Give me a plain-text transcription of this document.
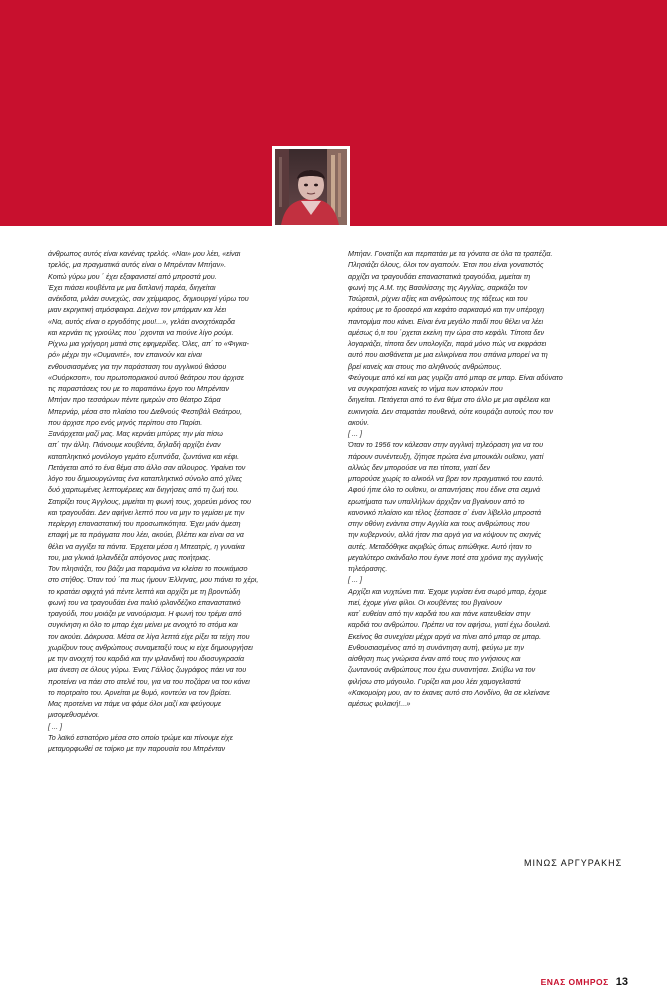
άνθρωπος αυτός είναι κανένας τρελός. «Ναι» μου λέει, «είναι

τρελός, μα πραγματικά αυτός είναι ο Μπρένταν Μπήαν».

Κοιτώ γύρω μου ΄ έχει εξαφανιστεί από μπροστά μου.

Έχει πιάσει κουβέντα με μια διπλανή παρέα, διηγείται

ανέκδοτα, μιλάει συνεχώς, σαν χείμμαρος, δημιουργεί γύρω του

μιαν εκρηκτική ατμόσφαιρα. Δείχνει τον μπάρμαν και λέει

«Να, αυτός είναι ο εργοδότης μου!...», γελάει ανοιχτόκαρδα

και κερνάει τις γριούλες που ΄ρχονται να πιούνε λίγο ρούμι.

Ρίχνω μια γρήγορη ματιά στις εφημερίδες. Όλες, απ΄ το «Φιγκα-

ρό» μέχρι την «Ουμανιτέ», τον επαινούν και είναι

ενθουσιασμένες για την παράσταση του αγγλικού θιάσου

«Ουόρκσοπ», του πρωτοποριακού αυτού θεάτρου που άρχισε

τις παραστάσεις του με το παραπάνω έργο του Μπρένταν

Μπήαν προ τεσσάρων πέντε ημερών στο θέατρο Σάρα

Μπερνάρ, μέσα στο πλαίσιο του Διεθνούς Φεστιβάλ Θεάτρου,

που άρχισε προ ενός μηνός περίπου στο Παρίσι.

Ξανάρχεται μαζί μας. Μας κερνάει μπύρες την μία πίσω

απ΄ την άλλη. Πιάνουμε κουβέντα, δηλαδή αρχίζει έναν

καταπληκτικό μονόλογο γεμάτο εξυπνάδα, ζωντάνια και κέφι.

Πετάγεται από το ένα θέμα στο άλλο σαν αίλουρος. Υφαίνει τον

λόγο του δημιουργώντας ένα καταπληκτικό σύνολο από χίλιες

δυό χαριτωμένες λεπτομέρειες και διηγήσεις από τη ζωή του.

Σατιρίζει τους Άγγλους, μιμείται τη φωνή τους, χορεύει μόνος του

και τραγουδάει. Δεν αφήνει λεπτό που να μην το γεμίσει με την

περίεργη επαναστατική του προσωπικότητα. Έχει μιάν άμεση

επαφή με τα πράγματα που λέει, ακούει, βλέπει και είναι σα να

θέλει να αγγίξει τα πάντα. Έρχεται μέσα η Μπεατρίς, η γυναίκα

του, μια γλυκιά Ιρλανδέζα απόγονος μιας ποιήτριας.

Τον πλησιάζει, του βάζει μια παραμάνα να κλείσει το πουκάμισο

στο στήθος. Όταν τού ΄πα πως ήμουν Έλληνας, μου πιάνει το χέρι,

το κρατάει σφιχτά γιά πέντε λεπτά και αρχίζει με τη βροντώδη

φωνή του να τραγουδάει ένα παλιό ιρλανδέζικο επαναστατικό

τραγούδι, που μοιάζει με νανούρισμα. Η φωνή του τρέμει από

συγκίνηση κι όλο το μπαρ έχει μείνει με ανοιχτό το στόμα και

τον ακούει. Δάκρυσα. Μέσα σε λίγα λεπτά είχε ρίξει τα τείχη που

χωρίζουν τους ανθρώπους συναμεταξύ τους κι είχε δημιουργήσει

με την ανοιχτή του καρδιά και την ιρλανδική του ιδιοσυγκρασία

μια άνεση σε όλους γύρω. Ένας Γάλλος ζωγράφος πάει να του

προτείνει να πάει στο ατελιέ του, για να του ποζάρει να του κάνει

το πορτραίτο του. Αρνείται με θυμό, κοντεύει να τον βρίσει.

Μας προτείνει να πάμε να φάμε όλοι μαζί και φεύγουμε

μισομεθυσμένοι.

[ ... ]

Το λαϊκό εστιατόριο μέσα στο οποίο τρώμε και πίνουμε είχε

μεταμορφωθεί σε τσίρκο με την παρουσία του Μπρένταν

Μπήαν. Γονατίζει και περπατάει με τα γόνατα σε όλα τα τραπέζια.

Πλησιάζει όλους, όλοι τον αγαπούν. Έτσι που είναι γονατιστός

αρχίζει να τραγουδάει επαναστατικά τραγούδια, μιμείται τη

φωνή της Α.Μ. της Βασιλίσσης της Αγγλίας, σαρκάζει τον

Τσώρτσιλ, ρίχνει αξίες και ανθρώπους της τάξεως και του

κράτους με το δροσερό και κεφάτο σαρκασμό και την υπέροχη

παντομίμα που κάνει. Είναι ένα μεγάλο παιδί που θέλει να λέει

αμέσως ό,τι του ΄ρχεται εκείνη την ώρα στο κεφάλι. Τίποτα δεν

λογαριάζει, τίποτα δεν υπολογίζει, παρά μόνο πώς να εκφράσει

αυτό που αισθάνεται με μια ειλικρίνεια που σπάνια μπορεί να τη

βρεί κανείς και στους πιο αληθινούς ανθρώπους.

Φεύγουμε από κεί και μας γυρίζει από μπαρ σε μπαρ. Είναι αδύνατο

να συγκρατήσει κανείς το νήμα των ιστοριών που

διηγείται. Πετάγεται από το ένα θέμα στο άλλο με μια αφέλεια και

ευκινησία. Δεν σταματάει πουθενά, ούτε κουράζει αυτούς που τον

ακούν.

[ ... ]

Όταν το 1956 τον κάλεσαν στην αγγλική τηλεόραση για να του

πάρουν συνέντευξη, ζήτησε πρώτα ένα μπουκάλι ουΐσκυ, γιατί

αλλιώς δεν μπορούσε να πει τίποτα, γιατί δεν

μπορούσε χωρίς το αλκοόλ να βρει τον πραγματικό του εαυτό.

Αφού ήπιε όλο το ουΐσκυ, οι απαντήσεις που έδινε στα σεμνά

ερωτήματα των υπαλλήλων άρχιζαν να βγαίνουν από το

κανονικό πλαίσιο και τέλος ξέσπασε σ΄ έναν λίβελλο μπροστά

στην οθόνη ενάντια στην Αγγλία και τους ανθρώπους που

την κυβερνούν, αλλά ήταν πια αργά για να κόψουν τις σκηνές

αυτές. Μεταδόθηκε ακριβώς όπως ειπώθηκε. Αυτό ήταν το

μεγαλύτερο σκάνδαλο που έγινε ποτέ στα χρόνια της αγγλικής

τηλεόρασης.

[ ... ]

Αρχίζει και νυχτώνει πια. Έχομε γυρίσει ένα σωρό μπαρ, έχομε

πιεί, έχομε γίνει φίλοι. Οι κουβέντες του βγαίνουν

κατ΄ ευθείαν από την καρδιά του και πάνε κατευθείαν στην

καρδιά του ανθρώπου. Πρέπει να τον αφήσω, γιατί έχω δουλειά.

Εκείνος θα συνεχίσει μέχρι αργά να πίνει από μπαρ σε μπαρ.

Ενθουσιασμένος από τη συνάντηση αυτή, φεύγω με την

αίσθηση πως γνώρισα έναν από τους πιο γνήσιους και

ζωντανούς ανθρώπους που έχω συναντήσει. Σκύβω να τον

φιλήσω στο μάγουλο. Γυρίζει και μου λέει χαμογελαστά

«Κακομοίρη μου, αν το έκανες αυτό στο Λονδίνο, θα σε κλείνανε

αμέσως φυλακή!...»

ΜΙΝΩΣ ΑΡΓΥΡΑΚΗΣ
ΕΝΑΣ ΟΜΗΡΟΣ 13
